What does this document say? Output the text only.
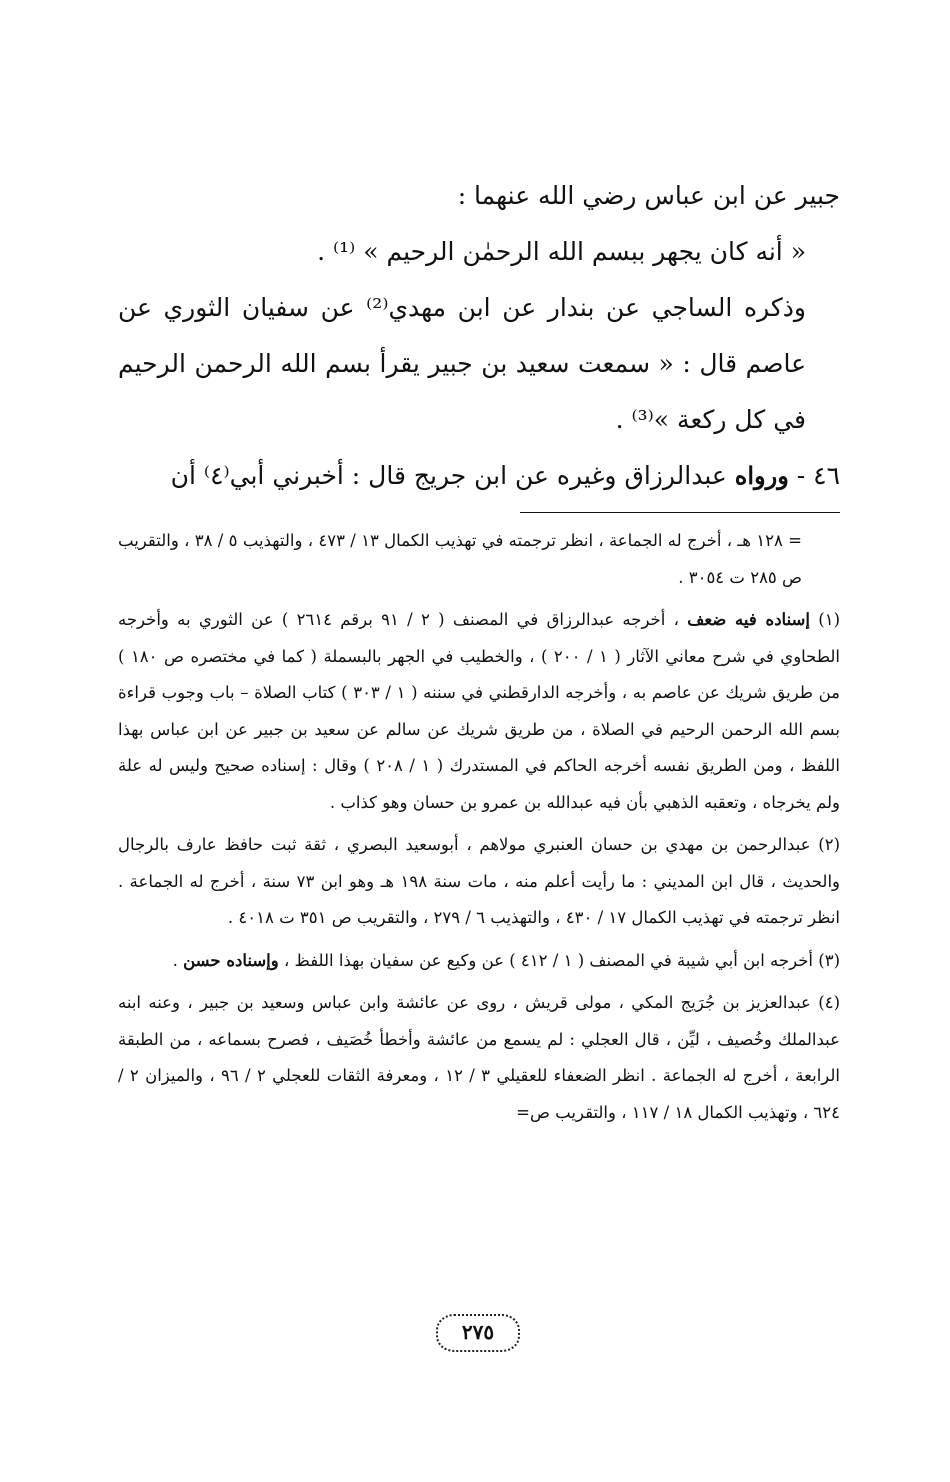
جبير عن ابن عباس رضي الله عنهما :

« أنه كان يجهر ببسم الله الرحمٰن الرحيم » ⁽¹⁾ .

وذكره الساجي عن بندار عن ابن مهدي⁽²⁾ عن سفيان الثوري عن عاصم قال : « سمعت سعيد بن جبير يقرأ بسم الله الرحمن الرحيم في كل ركعة »⁽³⁾ .

٤٦ - ورواه عبدالرزاق وغيره عن ابن جريج قال : أخبرني أبي⁽٤⁾ أن

= ١٢٨ هـ ، أخرج له الجماعة ، انظر ترجمته في تهذيب الكمال ١٣ / ٤٧٣ ، والتهذيب ٥ / ٣٨ ، والتقريب ص ٢٨٥ ت ٣٠٥٤ .

(١) إسناده فيه ضعف ، أخرجه عبدالرزاق في المصنف ( ٢ / ٩١ برقم ٢٦١٤ ) عن الثوري به وأخرجه الطحاوي في شرح معاني الآثار ( ١ / ٢٠٠ ) ، والخطيب في الجهر بالبسملة ( كما في مختصره ص ١٨٠ ) من طريق شريك عن عاصم به ، وأخرجه الدارقطني في سننه ( ١ / ٣٠٣ ) كتاب الصلاة – باب وجوب قراءة بسم الله الرحمن الرحيم في الصلاة ، من طريق شريك عن سالم عن سعيد بن جبير عن ابن عباس بهذا اللفظ ، ومن الطريق نفسه أخرجه الحاكم في المستدرك ( ١ / ٢٠٨ ) وقال : إسناده صحيح وليس له علة ولم يخرجاه ، وتعقبه الذهبي بأن فيه عبدالله بن عمرو بن حسان وهو كذاب .

(٢) عبدالرحمن بن مهدي بن حسان العنبري مولاهم ، أبوسعيد البصري ، ثقة ثبت حافظ عارف بالرجال والحديث ، قال ابن المديني : ما رأيت أعلم منه ، مات سنة ١٩٨ هـ وهو ابن ٧٣ سنة ، أخرج له الجماعة . انظر ترجمته في تهذيب الكمال ١٧ / ٤٣٠ ، والتهذيب ٦ / ٢٧٩ ، والتقريب ص ٣٥١ ت ٤٠١٨ .

(٣) أخرجه ابن أبي شيبة في المصنف ( ١ / ٤١٢ ) عن وكيع عن سفيان بهذا اللفظ ، وإسناده حسن .

(٤) عبدالعزيز بن جُرَيج المكي ، مولى قريش ، روى عن عائشة وابن عباس وسعيد بن جبير ، وعنه ابنه عبدالملك وخُصيف ، ليِّن ، قال العجلي : لم يسمع من عائشة وأخطأ خُصَيف ، فصرح بسماعه ، من الطبقة الرابعة ، أخرج له الجماعة . انظر الضعفاء للعقيلي ٣ / ١٢ ، ومعرفة الثقات للعجلي ٢ / ٩٦ ، والميزان ٢ / ٦٢٤ ، وتهذيب الكمال ١٨ / ١١٧ ، والتقريب ص=

٢٧٥
